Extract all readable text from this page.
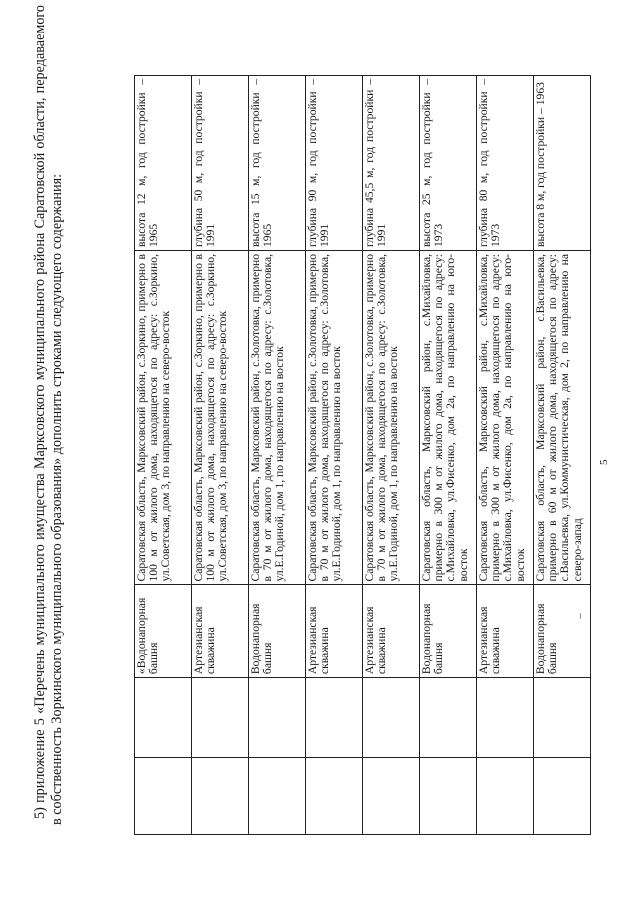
5

5) приложение 5 «Перечень муниципального имущества Марксовского муниципального района Саратовской области, передаваемого в собственность Зоркинского муниципального образования» дополнить строками следующего содержания:

			«Водонапорная башня	Саратовская область, Марксовский район, с.Зоркино, примерно в 100 м от жилого дома, находящегося по адресу: с.Зоркино, ул.Советская, дом 3, по направлению на северо-восток	высота 12 м, год постройки – 1965
		Артезианская скважина	Саратовская область, Марксовский район, с.Зоркино, примерно в 100 м от жилого дома, находящегося по адресу: с.Зоркино, ул.Советская, дом 3, по направлению на северо-восток	глубина 50 м, год постройки – 1991
		Водонапорная башня	Саратовская область, Марксовский район, с.Золотовка, примерно в 70 м от жилого дома, находящегося по адресу: с.Золотовка, ул.Е.Годиной, дом 1, по направлению на восток	высота 15 м, год постройки – 1965
		Артезианская скважина	Саратовская область, Марксовский район, с.Золотовка, примерно в 70 м от жилого дома, находящегося по адресу: с.Золотовка, ул.Е.Годиной, дом 1, по направлению на восток	глубина 90 м, год постройки – 1991
		Артезианская скважина	Саратовская область, Марксовский район, с.Золотовка, примерно в 70 м от жилого дома, находящегося по адресу: с.Золотовка, ул.Е.Годиной, дом 1, по направлению на восток	глубина 45,5 м, год постройки – 1991
		Водонапорная башня	Саратовская область, Марксовский район, с.Михайловка, примерно в 300 м от жилого дома, находящегося по адресу: с.Михайловка, ул.Фисенко, дом 2а, по направлению на юго-восток	высота 25 м, год постройки – 1973
		Артезианская скважина	Саратовская область, Марксовский район, с.Михайловка, примерно в 300 м от жилого дома, находящегося по адресу: с.Михайловка, ул.Фисенко, дом 2а, по направлению на юго-восток	глубина 80 м, год постройки – 1973
		Водонапорная башня	Саратовская область, Марксовский район, с.Васильевка, примерно в 60 м от жилого дома, находящегося по адресу: с.Васильевка, ул.Коммунистическая, дом 2, по направлению на северо-запад	высота 8 м, год постройки – 1963
